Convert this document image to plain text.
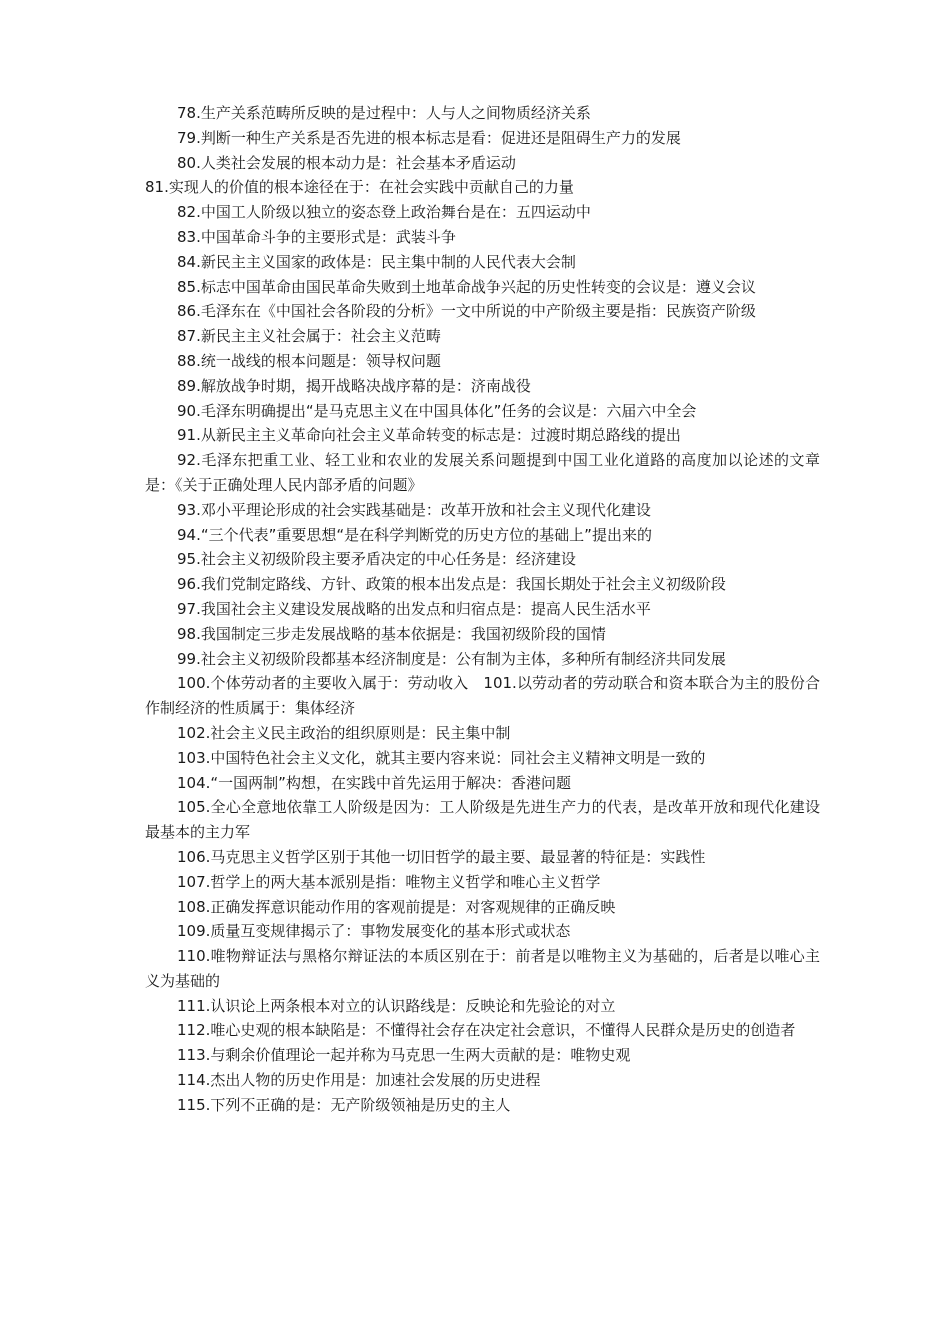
78.生产关系范畴所反映的是过程中：人与人之间物质经济关系

79.判断一种生产关系是否先进的根本标志是看：促进还是阻碍生产力的发展

80.人类社会发展的根本动力是：社会基本矛盾运动

81.实现人的价值的根本途径在于：在社会实践中贡献自己的力量

82.中国工人阶级以独立的姿态登上政治舞台是在：五四运动中

83.中国革命斗争的主要形式是：武装斗争

84.新民主主义国家的政体是：民主集中制的人民代表大会制

85.标志中国革命由国民革命失败到土地革命战争兴起的历史性转变的会议是：遵义会议

86.毛泽东在《中国社会各阶段的分析》一文中所说的中产阶级主要是指：民族资产阶级

87.新民主主义社会属于：社会主义范畴

88.统一战线的根本问题是：领导权问题

89.解放战争时期，揭开战略决战序幕的是：济南战役

90.毛泽东明确提出“是马克思主义在中国具体化”任务的会议是：六届六中全会

91.从新民主主义革命向社会主义革命转变的标志是：过渡时期总路线的提出

92.毛泽东把重工业、轻工业和农业的发展关系问题提到中国工业化道路的高度加以论述的文章是：《关于正确处理人民内部矛盾的问题》

93.邓小平理论形成的社会实践基础是：改革开放和社会主义现代化建设

94.“三个代表”重要思想“是在科学判断党的历史方位的基础上”提出来的

95.社会主义初级阶段主要矛盾决定的中心任务是：经济建设

96.我们党制定路线、方针、政策的根本出发点是：我国长期处于社会主义初级阶段

97.我国社会主义建设发展战略的出发点和归宿点是：提高人民生活水平

98.我国制定三步走发展战略的基本依据是：我国初级阶段的国情

99.社会主义初级阶段都基本经济制度是：公有制为主体，多种所有制经济共同发展

100.个体劳动者的主要收入属于：劳动收入　101.以劳动者的劳动联合和资本联合为主的股份合作制经济的性质属于：集体经济

102.社会主义民主政治的组织原则是：民主集中制

103.中国特色社会主义文化，就其主要内容来说：同社会主义精神文明是一致的

104.“一国两制”构想，在实践中首先运用于解决：香港问题

105.全心全意地依靠工人阶级是因为：工人阶级是先进生产力的代表，是改革开放和现代化建设最基本的主力军

106.马克思主义哲学区别于其他一切旧哲学的最主要、最显著的特征是：实践性

107.哲学上的两大基本派别是指：唯物主义哲学和唯心主义哲学

108.正确发挥意识能动作用的客观前提是：对客观规律的正确反映

109.质量互变规律揭示了：事物发展变化的基本形式或状态

110.唯物辩证法与黑格尔辩证法的本质区别在于：前者是以唯物主义为基础的，后者是以唯心主义为基础的

111.认识论上两条根本对立的认识路线是：反映论和先验论的对立

112.唯心史观的根本缺陷是：不懂得社会存在决定社会意识，不懂得人民群众是历史的创造者

113.与剩余价值理论一起并称为马克思一生两大贡献的是：唯物史观

114.杰出人物的历史作用是：加速社会发展的历史进程

115.下列不正确的是：无产阶级领袖是历史的主人
